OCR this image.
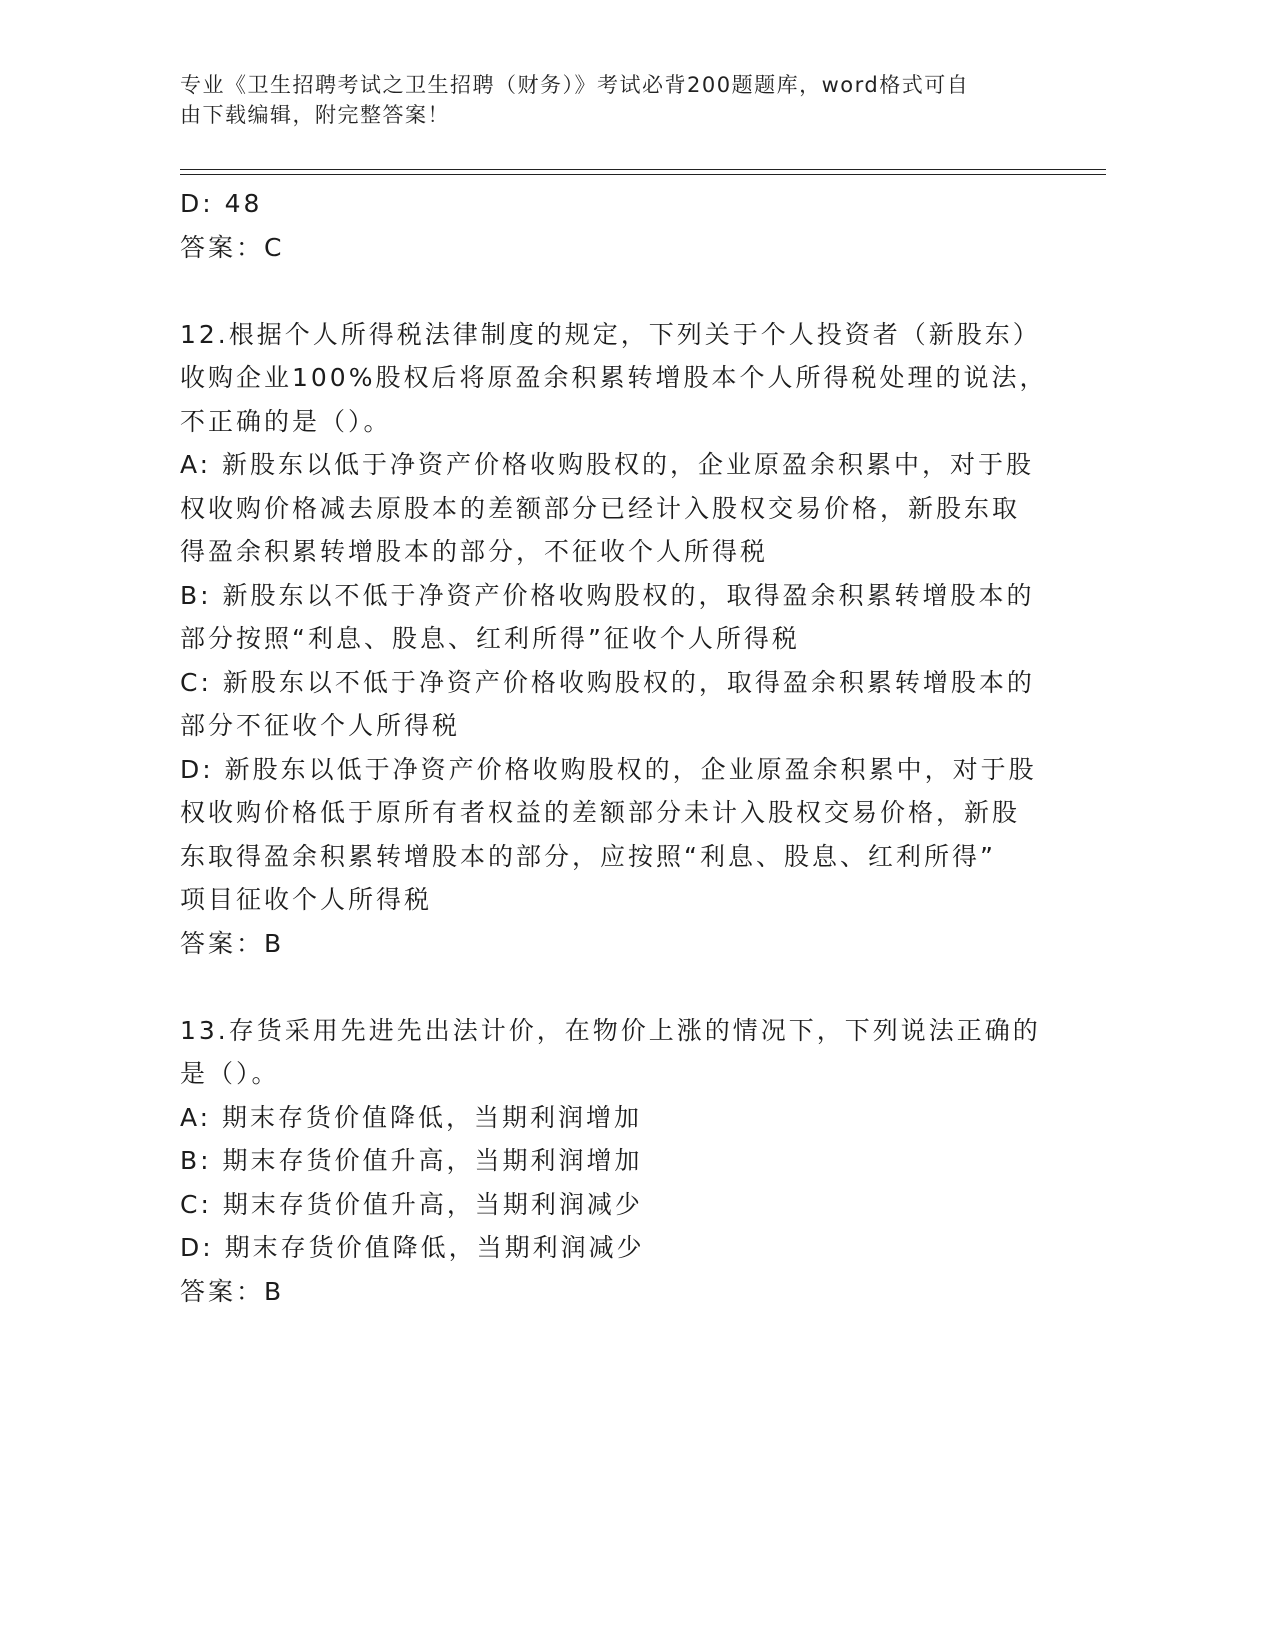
专业《卫生招聘考试之卫生招聘（财务）》考试必背200题题库，word格式可自
由下载编辑，附完整答案！
D: 48
答案：C
12.根据个人所得税法律制度的规定，下列关于个人投资者（新股东）
收购企业100%股权后将原盈余积累转增股本个人所得税处理的说法，
不正确的是（）。
A: 新股东以低于净资产价格收购股权的，企业原盈余积累中，对于股
权收购价格减去原股本的差额部分已经计入股权交易价格，新股东取
得盈余积累转增股本的部分，不征收个人所得税
B: 新股东以不低于净资产价格收购股权的，取得盈余积累转增股本的
部分按照“利息、股息、红利所得”征收个人所得税
C: 新股东以不低于净资产价格收购股权的，取得盈余积累转增股本的
部分不征收个人所得税
D: 新股东以低于净资产价格收购股权的，企业原盈余积累中，对于股
权收购价格低于原所有者权益的差额部分未计入股权交易价格，新股
东取得盈余积累转增股本的部分，应按照“利息、股息、红利所得”
项目征收个人所得税
答案：B
13.存货采用先进先出法计价，在物价上涨的情况下，下列说法正确的
是（）。
A: 期末存货价值降低，当期利润增加
B: 期末存货价值升高，当期利润增加
C: 期末存货价值升高，当期利润减少
D: 期末存货价值降低，当期利润减少
答案：B
